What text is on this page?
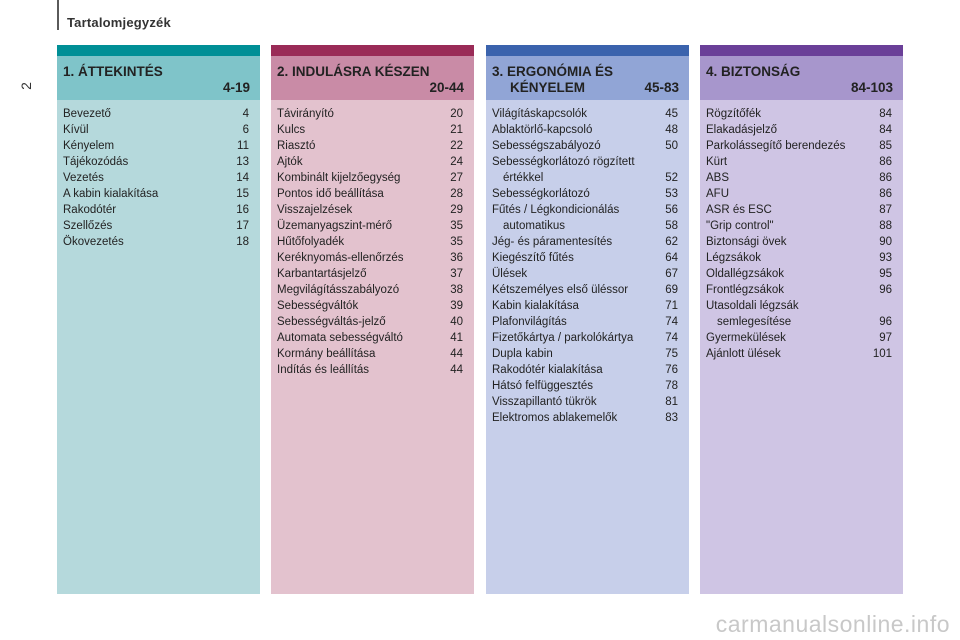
Tartalomjegyzék
2
1. ÁTTEKINTÉS
4-19
Bevezető	4
Kívül	6
Kényelem	11
Tájékozódás	13
Vezetés	14
A kabin kialakítása	15
Rakodótér	16
Szellőzés	17
Ökovezetés	18
2. INDULÁSRA KÉSZEN
20-44
Távirányító	20
Kulcs	21
Riasztó	22
Ajtók	24
Kombinált kijelzőegység	27
Pontos idő beállítása	28
Visszajelzések	29
Üzemanyagszint-mérő	35
Hűtőfolyadék	35
Keréknyomás-ellenőrzés	36
Karbantartásjelző	37
Megvilágításszabályozó	38
Sebességváltók	39
Sebességváltás-jelző	40
Automata sebességváltó	41
Kormány beállítása	44
Indítás és leállítás	44
3. ERGONÓMIA ÉS
KÉNYELEM	45-83
Világításkapcsolók	45
Ablaktörlő-kapcsoló	48
Sebességszabályozó	50
Sebességkorlátozó rögzített
értékkel	52
Sebességkorlátozó	53
Fűtés / Légkondicionálás	56
automatikus	58
Jég- és páramentesítés	62
Kiegészítő fűtés	64
Ülések	67
Kétszemélyes első üléssor	69
Kabin kialakítása	71
Plafonvilágítás	74
Fizetőkártya / parkolókártya	74
Dupla kabin	75
Rakodótér kialakítása	76
Hátsó felfüggesztés	78
Visszapillantó tükrök	81
Elektromos ablakemelők	83
4. BIZTONSÁG
84-103
Rögzítőfék	84
Elakadásjelző	84
Parkolássegítő berendezés	85
Kürt	86
ABS	86
AFU	86
ASR és ESC	87
"Grip control"	88
Biztonsági övek	90
Légzsákok	93
Oldallégzsákok	95
Frontlégzsákok	96
Utasoldali légzsák
semlegesítése	96
Gyermekülések	97
Ajánlott ülések	101
carmanualsonline.info
